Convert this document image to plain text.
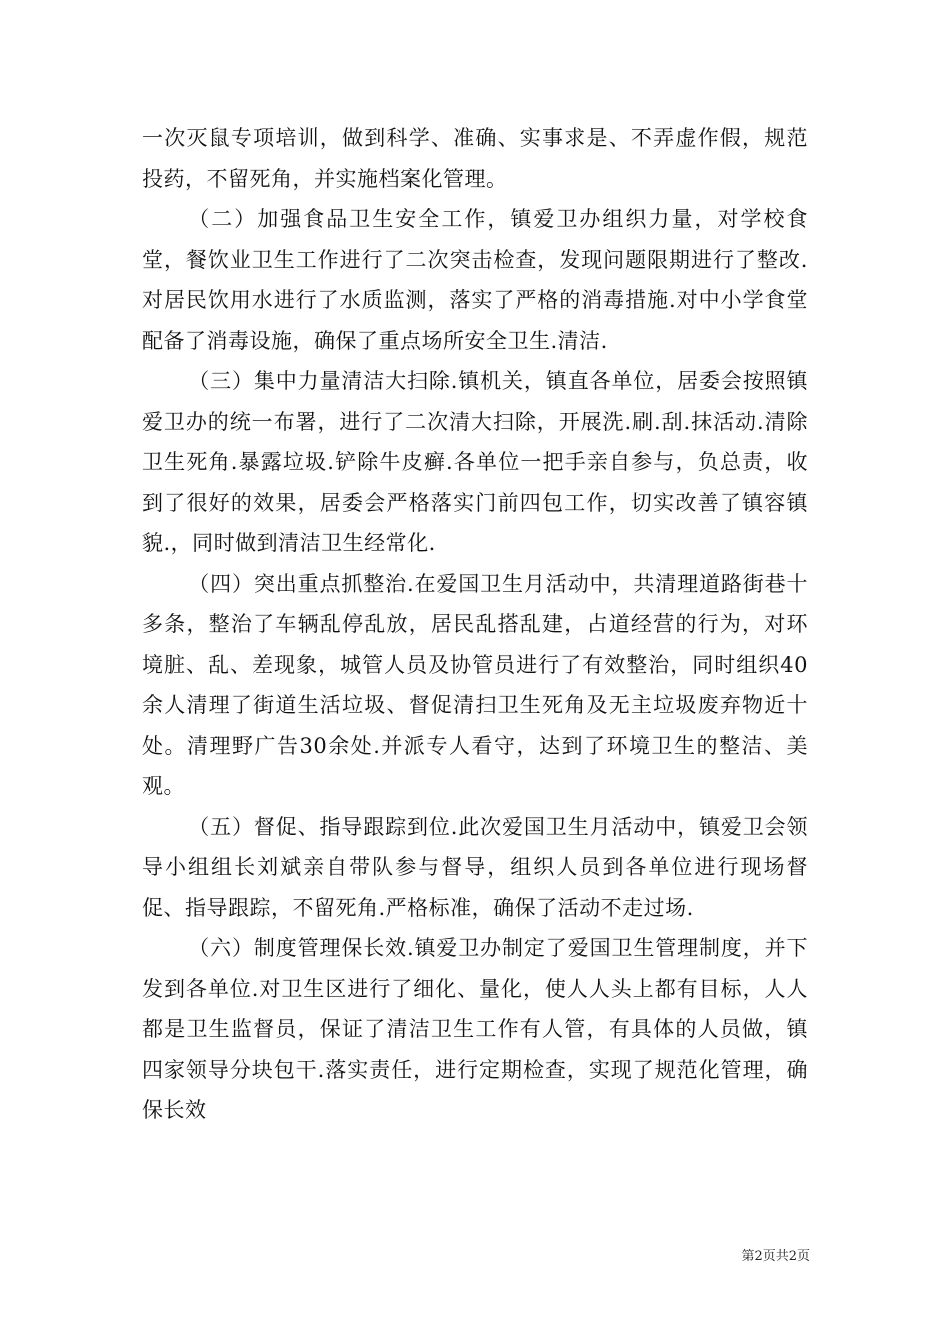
一次灭鼠专项培训，做到科学、准确、实事求是、不弄虚作假，规范投药，不留死角，并实施档案化管理。

（二）加强食品卫生安全工作，镇爱卫办组织力量，对学校食堂，餐饮业卫生工作进行了二次突击检查，发现问题限期进行了整改.对居民饮用水进行了水质监测，落实了严格的消毒措施.对中小学食堂配备了消毒设施，确保了重点场所安全卫生.清洁.

（三）集中力量清洁大扫除.镇机关，镇直各单位，居委会按照镇爱卫办的统一布署，进行了二次清大扫除，开展洗.刷.刮.抹活动.清除卫生死角.暴露垃圾.铲除牛皮癣.各单位一把手亲自参与，负总责，收到了很好的效果，居委会严格落实门前四包工作，切实改善了镇容镇貌.，同时做到清洁卫生经常化.

（四）突出重点抓整治.在爱国卫生月活动中，共清理道路街巷十多条，整治了车辆乱停乱放，居民乱搭乱建，占道经营的行为，对环境脏、乱、差现象，城管人员及协管员进行了有效整治，同时组织40余人清理了街道生活垃圾、督促清扫卫生死角及无主垃圾废弃物近十处。清理野广告30余处.并派专人看守，达到了环境卫生的整洁、美观。

（五）督促、指导跟踪到位.此次爱国卫生月活动中，镇爱卫会领导小组组长刘斌亲自带队参与督导，组织人员到各单位进行现场督促、指导跟踪，不留死角.严格标准，确保了活动不走过场.

（六）制度管理保长效.镇爱卫办制定了爱国卫生管理制度，并下发到各单位.对卫生区进行了细化、量化，使人人头上都有目标，人人都是卫生监督员，保证了清洁卫生工作有人管，有具体的人员做，镇四家领导分块包干.落实责任，进行定期检查，实现了规范化管理，确保长效

第2页共2页
